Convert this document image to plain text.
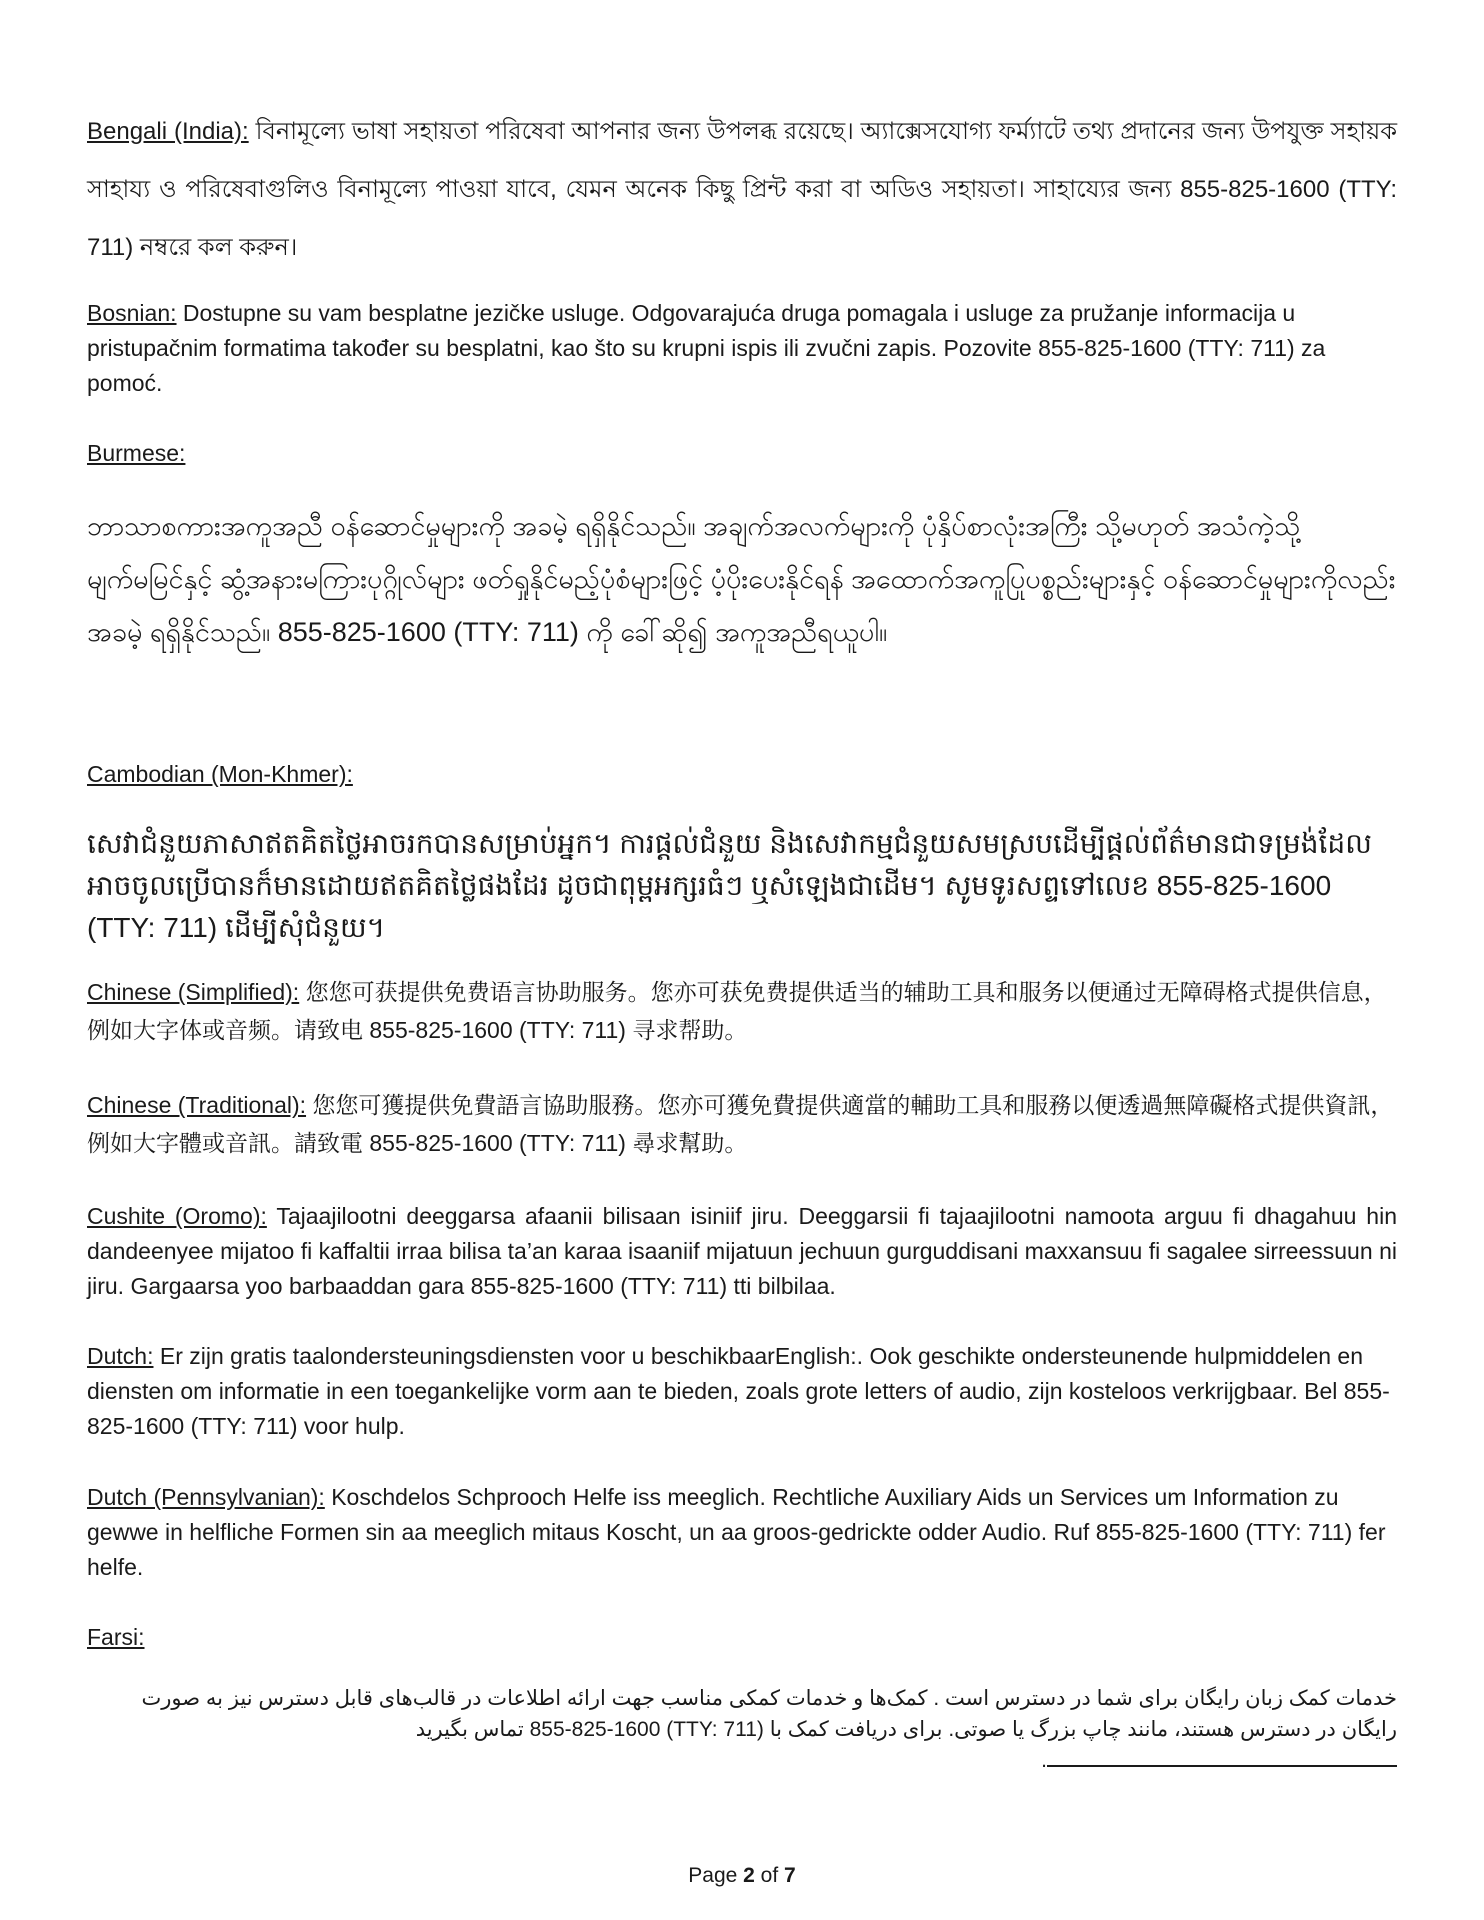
Bengali (India): বিনামূল্যে ভাষা সহায়তা পরিষেবা আপনার জন্য উপলব্ধ রয়েছে। অ্যাক্সেসযোগ্য ফর্ম্যাটে তথ্য প্রদানের জন্য উপযুক্ত সহায়ক সাহায্য ও পরিষেবাগুলিও বিনামূল্যে পাওয়া যাবে, যেমন অনেক কিছু প্রিন্ট করা বা অডিও সহায়তা। সাহায্যের জন্য 855-825-1600 (TTY: 711) নম্বরে কল করুন।
Bosnian: Dostupne su vam besplatne jezičke usluge. Odgovarajuća druga pomagala i usluge za pružanje informacija u pristupačnim formatima također su besplatni, kao što su krupni ispis ili zvučni zapis. Pozovite 855-825-1600 (TTY: 711) za pomoć.
Burmese:
ဘာသာစကားအကူအညီ ဝန်ဆောင်မှုများကို အခမဲ့ ရရှိနိုင်သည်။ အချက်အလက်များကို ပုံနှိပ်စာလုံးအကြီး သို့မဟုတ် အသံကဲ့သို့ မျက်မမြင်နှင့် ဆွံ့အနားမကြားပုဂ္ဂိုလ်များ ဖတ်ရှုနိုင်မည့်ပုံစံများဖြင့် ပံ့ပိုးပေးနိုင်ရန် အထောက်အကူပြုပစ္စည်းများနှင့် ဝန်ဆောင်မှုများကိုလည်း အခမဲ့ ရရှိနိုင်သည်။ 855-825-1600 (TTY: 711) ကို ခေါ်ဆို၍ အကူအညီရယူပါ။
Cambodian (Mon-Khmer):
សេវាជំនួយភាសាឥតគិតថ្លៃអាចរកបានសម្រាប់អ្នក។ ការផ្តល់ជំនួយ និងសេវាកម្មជំនួយសមស្របដើម្បីផ្តល់ព័ត៌មានជាទម្រង់ដែលអាចចូលប្រើបានក៏មានដោយឥតគិតថ្លៃផងដែរ ដូចជាពុម្ពអក្សរធំៗ ឬសំឡេងជាដើម។ សូមទូរសព្ទទៅលេខ 855-825-1600 (TTY: 711) ដើម្បីសុំជំនួយ។
Chinese (Simplified): 您您可获提供免费语言协助服务。您亦可获免费提供适当的辅助工具和服务以便通过无障碍格式提供信息，例如大字体或音频。请致电 855-825-1600 (TTY: 711) 寻求帮助。
Chinese (Traditional): 您您可獲提供免費語言協助服務。您亦可獲免費提供適當的輔助工具和服務以便透過無障礙格式提供資訊，例如大字體或音訊。請致電 855-825-1600 (TTY: 711) 尋求幫助。
Cushite (Oromo): Tajaajilootni deeggarsa afaanii bilisaan isiniif jiru. Deeggarsii fi tajaajilootni namoota arguu fi dhagahuu hin dandeenyee mijatoo fi kaffaltii irraa bilisa ta’an karaa isaaniif mijatuun jechuun gurguddisani maxxansuu fi sagalee sirreessuun ni jiru. Gargaarsa yoo barbaaddan gara 855-825-1600 (TTY: 711) tti bilbilaa.
Dutch: Er zijn gratis taalondersteuningsdiensten voor u beschikbaarEnglish:. Ook geschikte ondersteunende hulpmiddelen en diensten om informatie in een toegankelijke vorm aan te bieden, zoals grote letters of audio, zijn kosteloos verkrijgbaar. Bel 855-825-1600 (TTY: 711) voor hulp.
Dutch (Pennsylvanian): Koschdelos Schprooch Helfe iss meeglich. Rechtliche Auxiliary Aids un Services um Information zu gewwe in helfliche Formen sin aa meeglich mitaus Koscht, un aa groos-gedrickte odder Audio. Ruf 855-825-1600 (TTY: 711) fer helfe.
Farsi:
خدمات کمک زبان رایگان برای شما در دسترس است . کمک‌ها و خدمات کمکی مناسب جهت ارائه اطلاعات در قالب‌های قابل دسترس نیز به صورت رایگان در دسترس هستند، مانند چاپ بزرگ یا صوتی. برای دریافت کمک با (TTY: 711) 855-825-1600 تماس بگیرید.
Page 2 of 7
